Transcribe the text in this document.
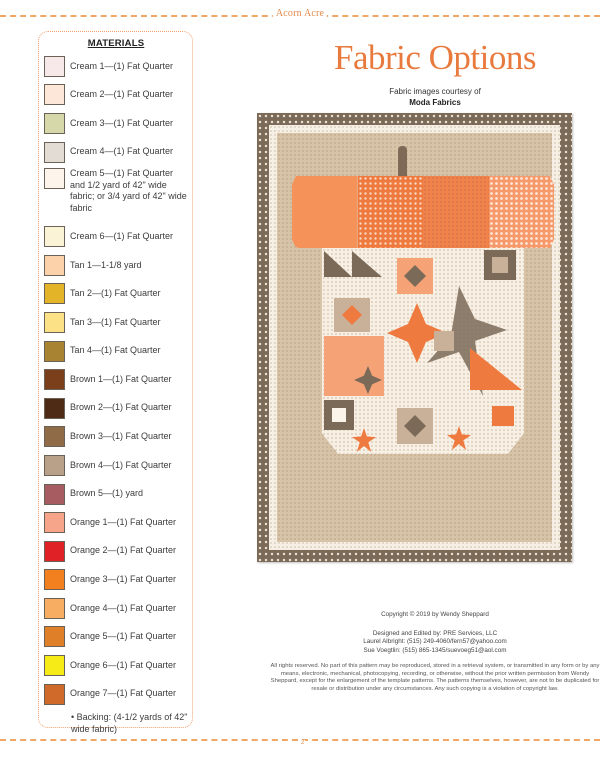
Acorn Acre
MATERIALS
Cream 1—(1) Fat Quarter
Cream 2—(1) Fat Quarter
Cream 3—(1) Fat Quarter
Cream 4—(1) Fat Quarter
Cream 5—(1) Fat Quarter and 1/2 yard of 42" wide fabric; or 3/4 yard of 42" wide fabric
Cream 6—(1) Fat Quarter
Tan 1—1-1/8 yard
Tan 2—(1) Fat Quarter
Tan 3—(1) Fat Quarter
Tan 4—(1) Fat Quarter
Brown 1—(1) Fat Quarter
Brown 2—(1) Fat Quarter
Brown 3—(1) Fat Quarter
Brown 4—(1) Fat Quarter
Brown 5—(1) yard
Orange 1—(1) Fat Quarter
Orange 2—(1) Fat Quarter
Orange 3—(1) Fat Quarter
Orange 4—(1) Fat Quarter
Orange 5—(1) Fat Quarter
Orange 6—(1) Fat Quarter
Orange 7—(1) Fat Quarter
• Backing: (4-1/2 yards of 42" wide fabric)
Fabric Options
Fabric images courtesy of
Moda Fabrics
Copyright © 2019 by Wendy Sheppard
Designed and Edited by: PRE Services, LLC
Laurel Albright: (515) 249-4060/fern57@yahoo.com
Sue Voegtlin: (515) 865-1345/suevoeg51@aol.com
All rights reserved. No part of this pattern may be reproduced, stored in a retrieval system, or transmitted in any form or by any means, electronic, mechanical, photocopying, recording, or otherwise, without the prior written permission from Wendy Sheppard, except for the enlargement of the template patterns. The patterns themselves, however, are not to be duplicated for resale or distribution under any circumstances. Any such copying is a violation of copyright law.
2
